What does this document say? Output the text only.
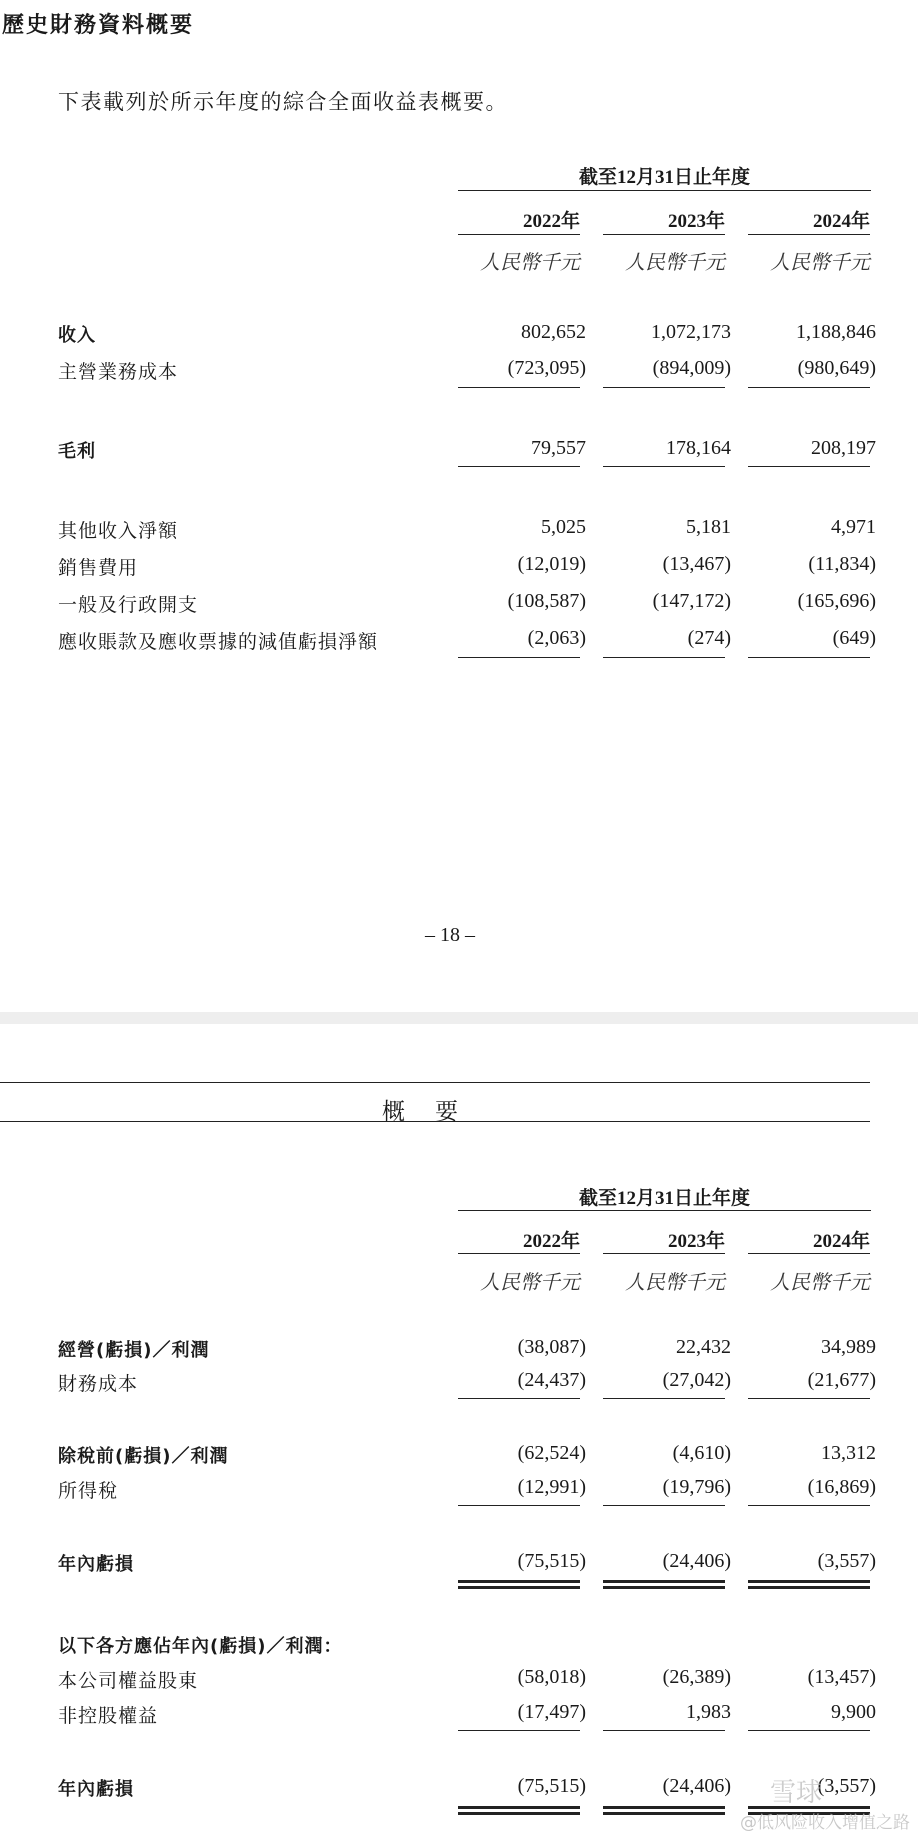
歷史財務資料概要
下表載列於所示年度的綜合全面收益表概要。
截至12月31日止年度
2022年	2023年	2024年
人民幣千元	人民幣千元	人民幣千元
收入	802,652	1,072,173	1,188,846
主營業務成本	(723,095)	(894,009)	(980,649)
毛利	79,557	178,164	208,197
其他收入淨額	5,025	5,181	4,971
銷售費用	(12,019)	(13,467)	(11,834)
一般及行政開支	(108,587)	(147,172)	(165,696)
應收賬款及應收票據的減值虧損淨額	(2,063)	(274)	(649)
– 18 –
概要
截至12月31日止年度
2022年	2023年	2024年
人民幣千元	人民幣千元	人民幣千元
經營(虧損)／利潤	(38,087)	22,432	34,989
財務成本	(24,437)	(27,042)	(21,677)
除稅前(虧損)／利潤	(62,524)	(4,610)	13,312
所得稅	(12,991)	(19,796)	(16,869)
年內虧損	(75,515)	(24,406)	(3,557)
以下各方應佔年內(虧損)／利潤：
本公司權益股東	(58,018)	(26,389)	(13,457)
非控股權益	(17,497)	1,983	9,900
年內虧損	(75,515)	(24,406)	(3,557)
雪球
@低风险收入增值之路
